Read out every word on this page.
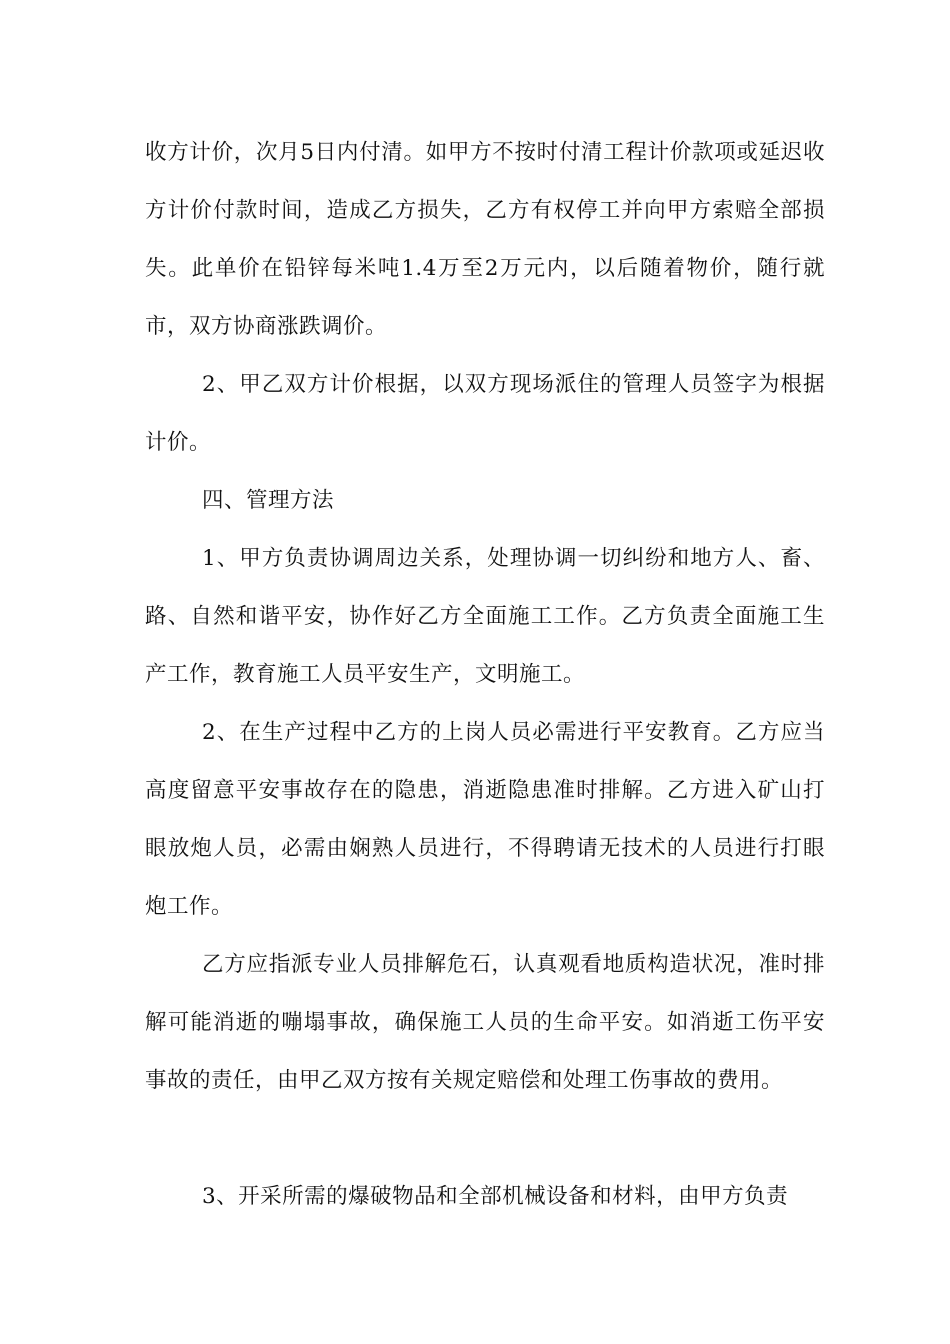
收方计价，次月5日内付清。如甲方不按时付清工程计价款项或延迟收方计价付款时间，造成乙方损失，乙方有权停工并向甲方索赔全部损失。此单价在铅锌每米吨1.4万至2万元内，以后随着物价，随行就市，双方协商涨跌调价。

2、甲乙双方计价根据，以双方现场派住的管理人员签字为根据计价。

四、管理方法

1、甲方负责协调周边关系，处理协调一切纠纷和地方人、畜、路、自然和谐平安，协作好乙方全面施工工作。乙方负责全面施工生产工作，教育施工人员平安生产，文明施工。

2、在生产过程中乙方的上岗人员必需进行平安教育。乙方应当高度留意平安事故存在的隐患，消逝隐患准时排解。乙方进入矿山打眼放炮人员，必需由娴熟人员进行，不得聘请无技术的人员进行打眼炮工作。

乙方应指派专业人员排解危石，认真观看地质构造状况，准时排解可能消逝的嘣塌事故，确保施工人员的生命平安。如消逝工伤平安事故的责任，由甲乙双方按有关规定赔偿和处理工伤事故的费用。

3、开采所需的爆破物品和全部机械设备和材料，由甲方负责
